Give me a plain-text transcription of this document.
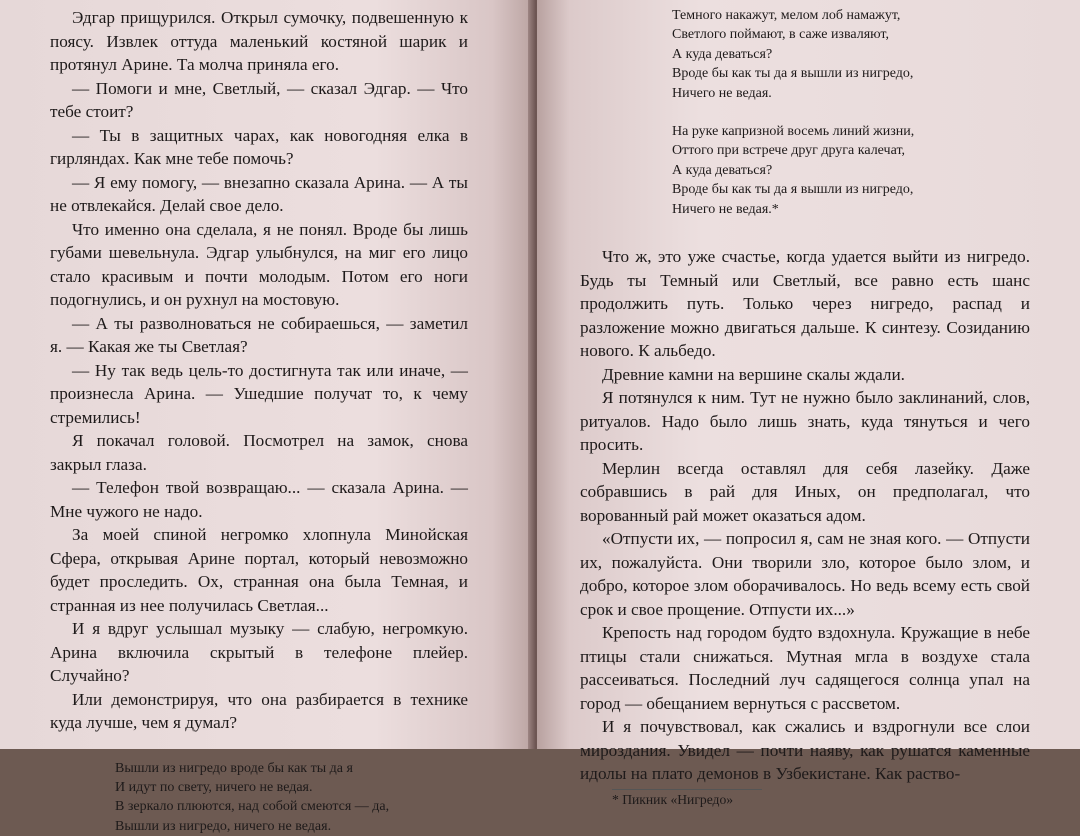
Эдгар прищурился. Открыл сумочку, подвешенную к поясу. Извлек оттуда маленький костяной шарик и протянул Арине. Та молча приняла его.

— Помоги и мне, Светлый, — сказал Эдгар. — Что тебе стоит?

— Ты в защитных чарах, как новогодняя елка в гирляндах. Как мне тебе помочь?

— Я ему помогу, — внезапно сказала Арина. — А ты не отвлекайся. Делай свое дело.

Что именно она сделала, я не понял. Вроде бы лишь губами шевельнула. Эдгар улыбнулся, на миг его лицо стало красивым и почти молодым. Потом его ноги подогнулись, и он рухнул на мостовую.

— А ты разволноваться не собираешься, — заметил я. — Какая же ты Светлая?

— Ну так ведь цель-то достигнута так или иначе, — произнесла Арина. — Ушедшие получат то, к чему стремились!

Я покачал головой. Посмотрел на замок, снова закрыл глаза.

— Телефон твой возвращаю... — сказала Арина. — Мне чужого не надо.

За моей спиной негромко хлопнула Минойская Сфера, открывая Арине портал, который невозможно будет проследить. Ох, странная она была Темная, и странная из нее получилась Светлая...

И я вдруг услышал музыку — слабую, негромкую. Арина включила скрытый в телефоне плейер. Случайно?

Или демонстрируя, что она разбирается в технике куда лучше, чем я думал?

Вышли из нигредо вроде бы как ты да я
И идут по свету, ничего не ведая.
В зеркало плюются, над собой смеются — да,
Вышли из нигредо, ничего не ведая.
Темного накажут, мелом лоб намажут,
Светлого поймают, в саже изваляют,
А куда деваться?
Вроде бы как ты да я вышли из нигредо,
Ничего не ведая.
На руке капризной восемь линий жизни,
Оттого при встрече друг друга калечат,
А куда деваться?
Вроде бы как ты да я вышли из нигредо,
Ничего не ведая.*

Что ж, это уже счастье, когда удается выйти из нигредо. Будь ты Темный или Светлый, все равно есть шанс продолжить путь. Только через нигредо, распад и разложение можно двигаться дальше. К синтезу. Созиданию нового. К альбедо.

Древние камни на вершине скалы ждали.

Я потянулся к ним. Тут не нужно было заклинаний, слов, ритуалов. Надо было лишь знать, куда тянуться и чего просить.

Мерлин всегда оставлял для себя лазейку. Даже собравшись в рай для Иных, он предполагал, что ворованный рай может оказаться адом.

«Отпусти их, — попросил я, сам не зная кого. — Отпусти их, пожалуйста. Они творили зло, которое было злом, и добро, которое злом оборачивалось. Но ведь всему есть свой срок и свое прощение. Отпусти их...»

Крепость над городом будто вздохнула. Кружащие в небе птицы стали снижаться. Мутная мгла в воздухе стала рассеиваться. Последний луч садящегося солнца упал на город — обещанием вернуться с рассветом.

И я почувствовал, как сжались и вздрогнули все слои мироздания. Увидел — почти наяву, как рушатся каменные идолы на плато демонов в Узбекистане. Как раство-

* Пикник «Нигредо»
